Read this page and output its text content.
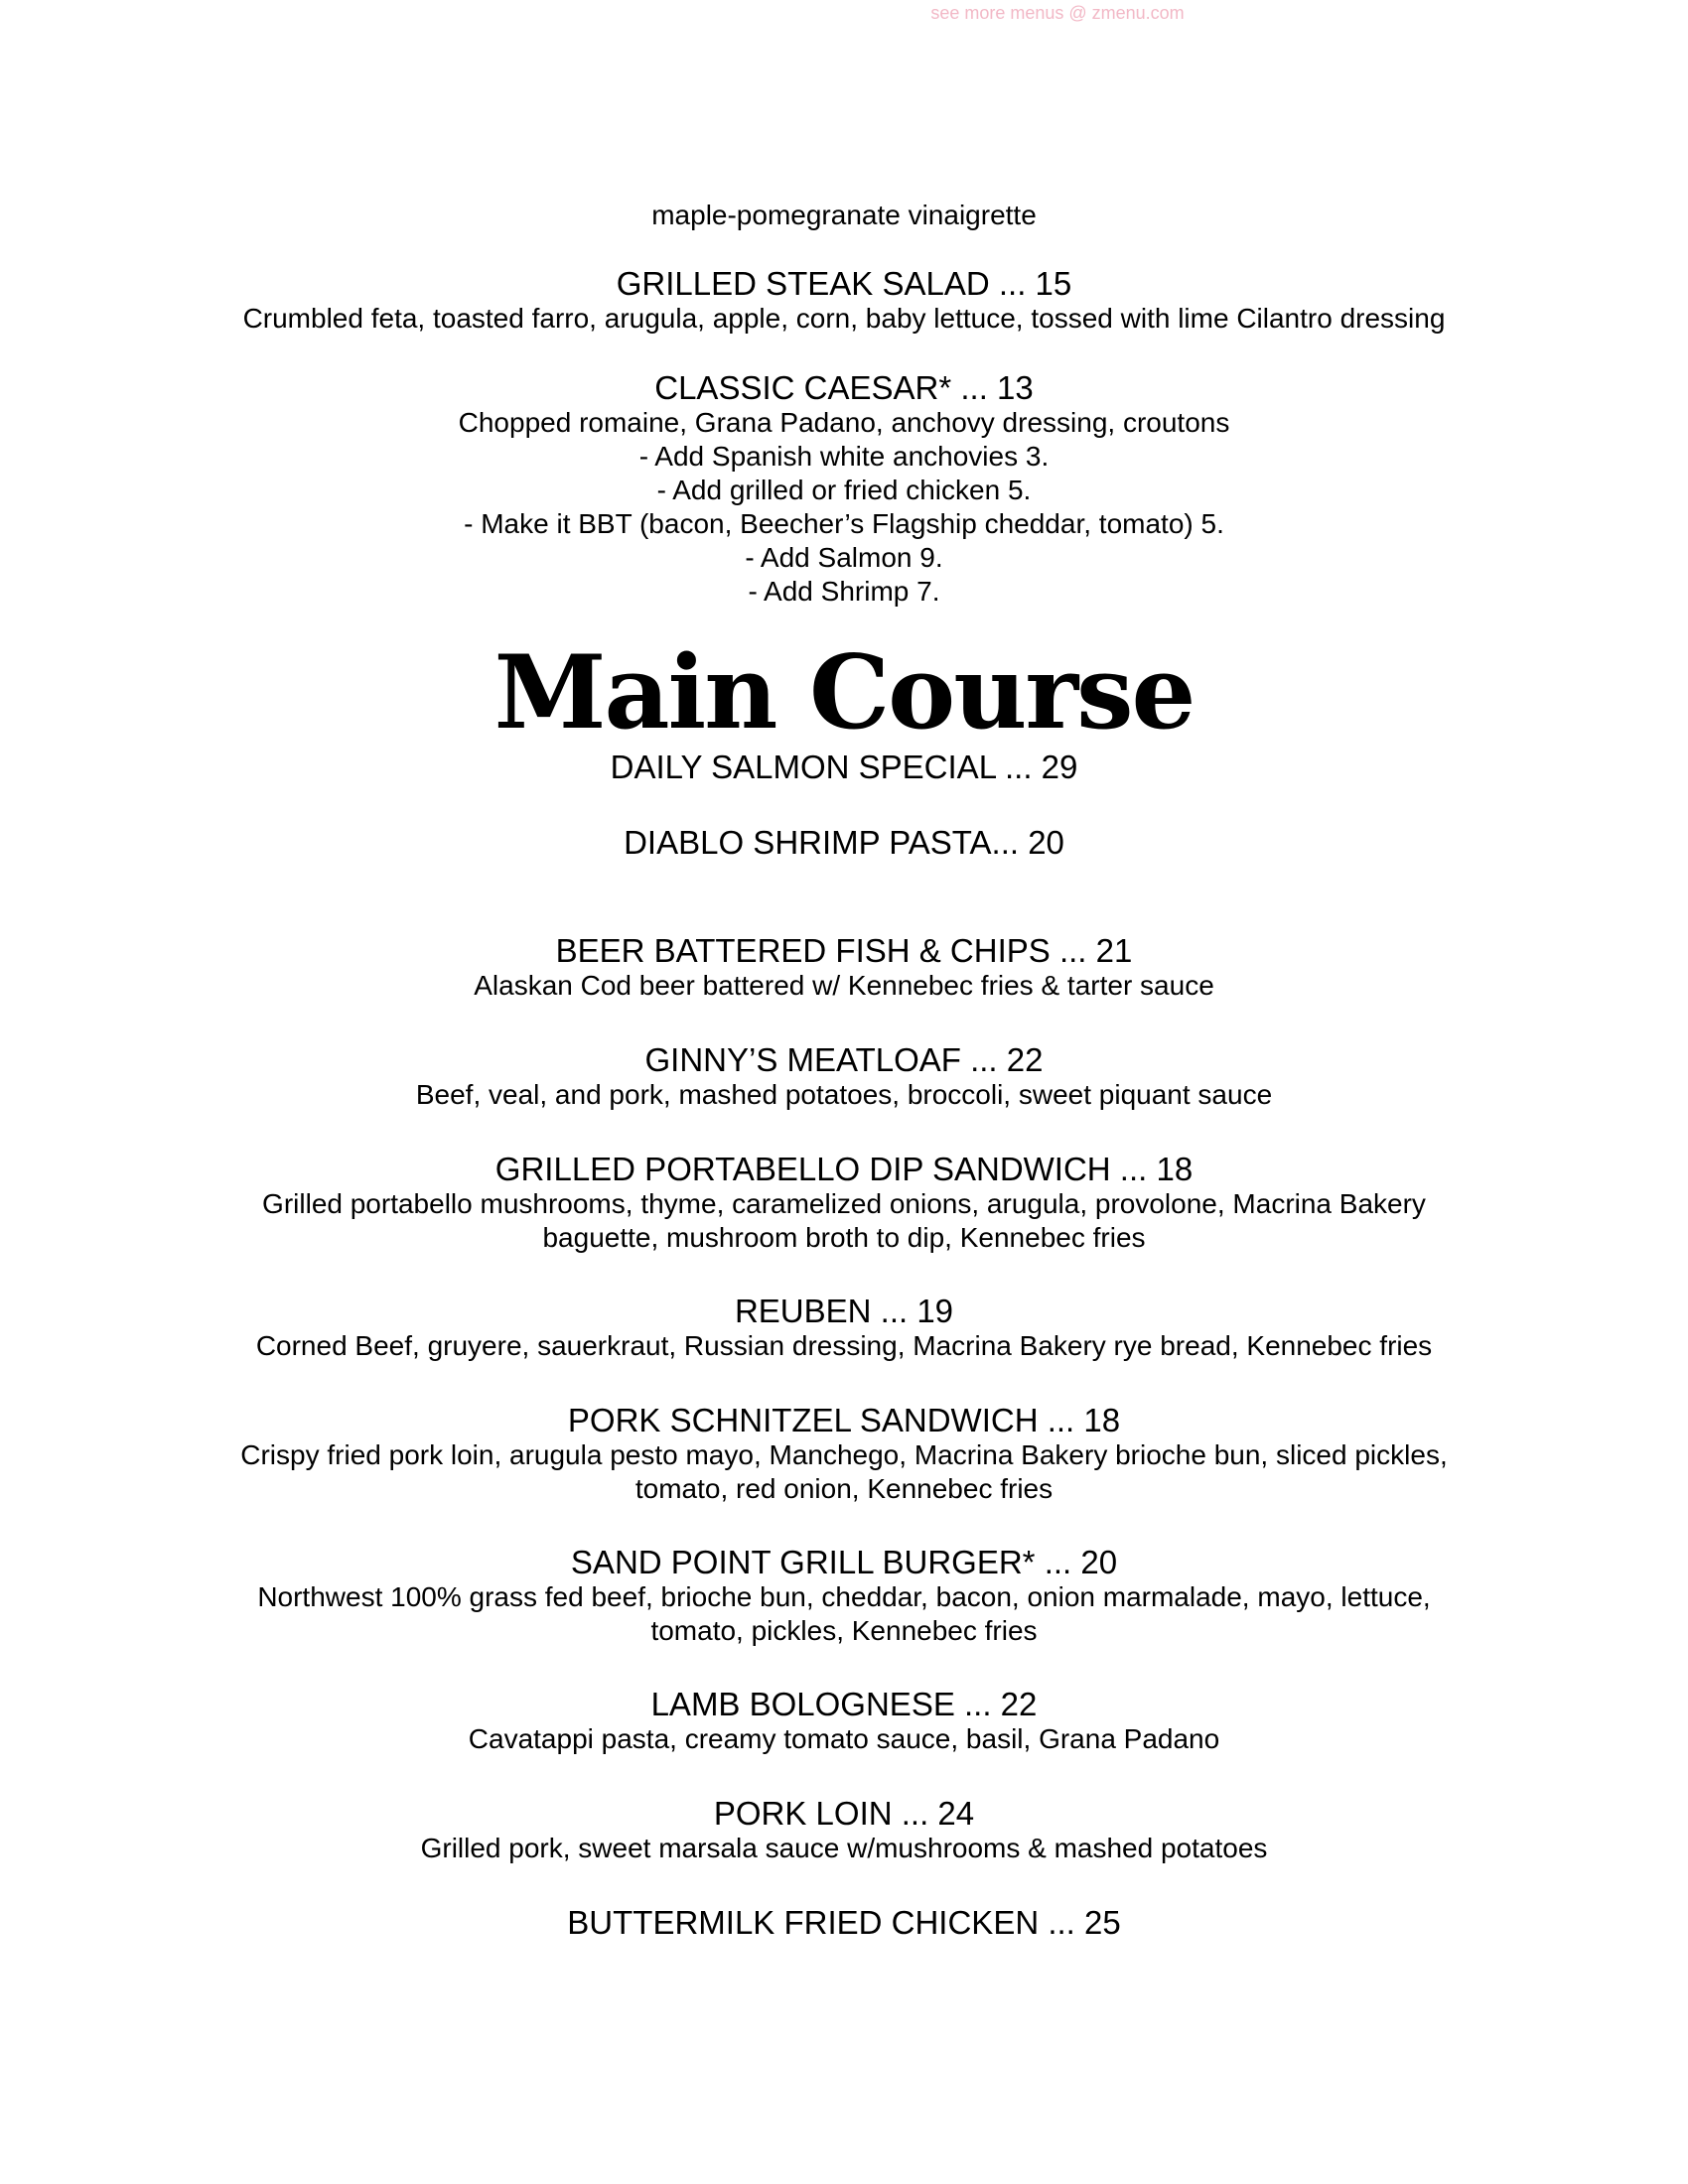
see more menus @ zmenu.com
maple-pomegranate vinaigrette
GRILLED STEAK SALAD ... 15
Crumbled feta, toasted farro, arugula, apple, corn, baby lettuce, tossed with lime Cilantro dressing
CLASSIC CAESAR* ... 13
Chopped romaine, Grana Padano, anchovy dressing, croutons
- Add Spanish white anchovies 3.
- Add grilled or fried chicken 5.
- Make it BBT (bacon, Beecher’s Flagship cheddar, tomato) 5.
- Add Salmon 9.
- Add Shrimp 7.
Main Course
DAILY SALMON SPECIAL ... 29
DIABLO SHRIMP PASTA... 20
BEER BATTERED FISH & CHIPS ... 21
Alaskan Cod beer battered w/ Kennebec fries & tarter sauce
GINNY’S MEATLOAF ... 22
Beef, veal, and pork, mashed potatoes, broccoli, sweet piquant sauce
GRILLED PORTABELLO DIP SANDWICH ... 18
Grilled portabello mushrooms, thyme, caramelized onions, arugula, provolone, Macrina Bakery
baguette, mushroom broth to dip, Kennebec fries
REUBEN ... 19
Corned Beef, gruyere, sauerkraut, Russian dressing, Macrina Bakery rye bread, Kennebec fries
PORK SCHNITZEL SANDWICH ... 18
Crispy fried pork loin, arugula pesto mayo, Manchego, Macrina Bakery brioche bun, sliced pickles,
tomato, red onion, Kennebec fries
SAND POINT GRILL BURGER* ... 20
Northwest 100% grass fed beef, brioche bun, cheddar, bacon, onion marmalade, mayo, lettuce,
tomato, pickles, Kennebec fries
LAMB BOLOGNESE ... 22
Cavatappi pasta, creamy tomato sauce, basil, Grana Padano
PORK LOIN ... 24
Grilled pork, sweet marsala sauce w/mushrooms & mashed potatoes
BUTTERMILK FRIED CHICKEN ... 25
